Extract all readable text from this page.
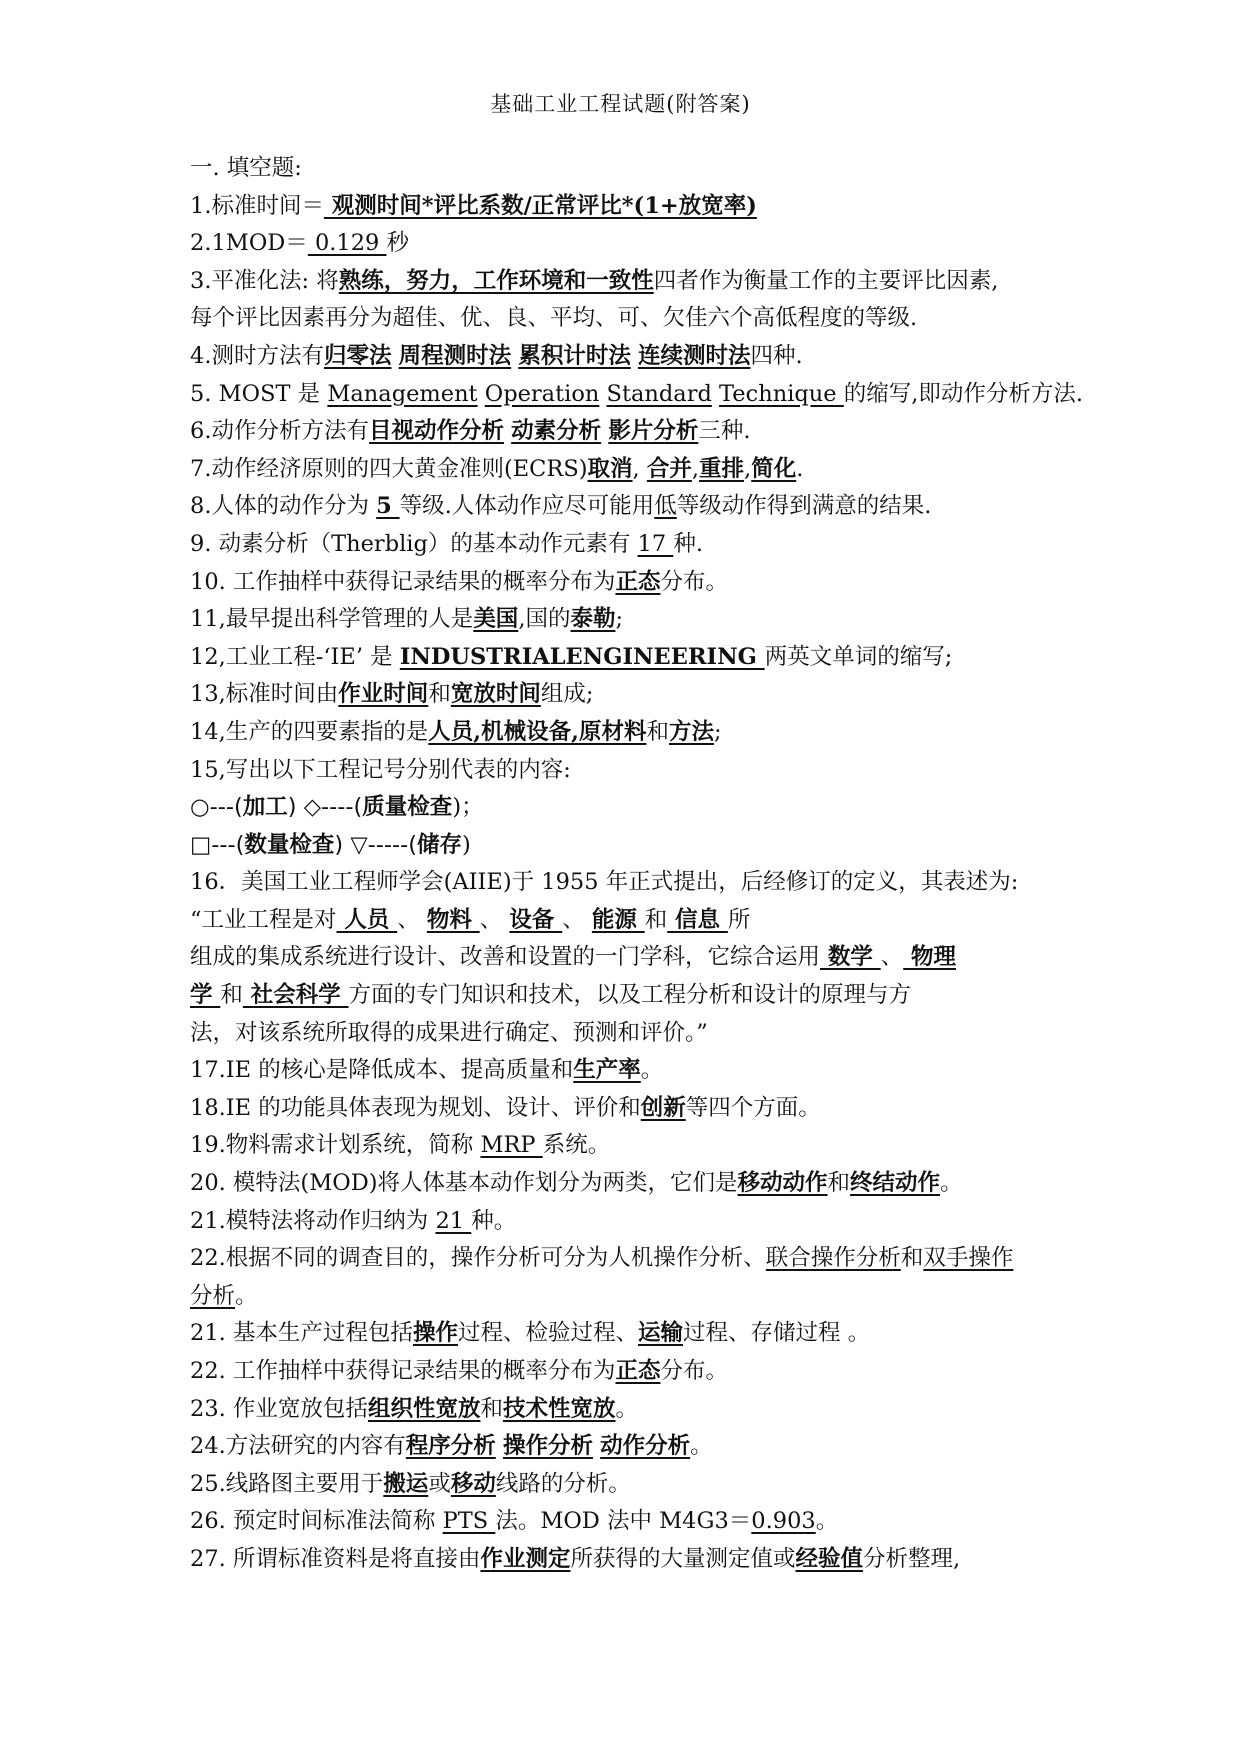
基础工业工程试题(附答案)
一. 填空题:
1.标准时间＝ 观测时间*评比系数/正常评比*(1+放宽率)
2.1MOD＝ 0.129 秒
3.平准化法: 将熟练，努力，工作环境和一致性四者作为衡量工作的主要评比因素,
每个评比因素再分为超佳、优、良、平均、可、欠佳六个高低程度的等级.
4.测时方法有归零法 周程测时法 累积计时法 连续测时法四种.
5. MOST 是 Management Operation Standard Technique 的缩写,即动作分析方法.
6.动作分析方法有目视动作分析 动素分析 影片分析三种.
7.动作经济原则的四大黄金准则(ECRS)取消, 合并,重排,简化.
8.人体的动作分为 5 等级.人体动作应尽可能用低等级动作得到满意的结果.
9. 动素分析（Therblig）的基本动作元素有 17 种.
10. 工作抽样中获得记录结果的概率分布为正态分布。
11,最早提出科学管理的人是美国,国的泰勒;
12,工业工程-‘IE’ 是 INDUSTRIALENGINEERING 两英文单词的缩写;
13,标准时间由作业时间和宽放时间组成;
14,生产的四要素指的是人员,机械设备,原材料和方法;
15,写出以下工程记号分别代表的内容:
○---(加工) ◇----(质量检查)；
□---(数量检查) ▽-----(储存)
16．美国工业工程师学会(AIIE)于 1955 年正式提出，后经修订的定义，其表述为:
“工业工程是对 人员 、 物料 、 设备 、 能源 和 信息 所
组成的集成系统进行设计、改善和设置的一门学科，它综合运用 数学 、 物理
学 和 社会科学 方面的专门知识和技术，以及工程分析和设计的原理与方
法，对该系统所取得的成果进行确定、预测和评价。”
17.IE 的核心是降低成本、提高质量和生产率。
18.IE 的功能具体表现为规划、设计、评价和创新等四个方面。
19.物料需求计划系统，简称 MRP 系统。
20. 模特法(MOD)将人体基本动作划分为两类，它们是移动动作和终结动作。
21.模特法将动作归纳为 21 种。
22.根据不同的调查目的，操作分析可分为人机操作分析、联合操作分析和双手操作
分析。
21. 基本生产过程包括操作过程、检验过程、运输过程、存储过程 。
22. 工作抽样中获得记录结果的概率分布为正态分布。
23. 作业宽放包括组织性宽放和技术性宽放。
24.方法研究的内容有程序分析 操作分析 动作分析。
25.线路图主要用于搬运或移动线路的分析。
26. 预定时间标准法简称 PTS 法。MOD 法中 M4G3＝0.903。
27. 所谓标准资料是将直接由作业测定所获得的大量测定值或经验值分析整理,
